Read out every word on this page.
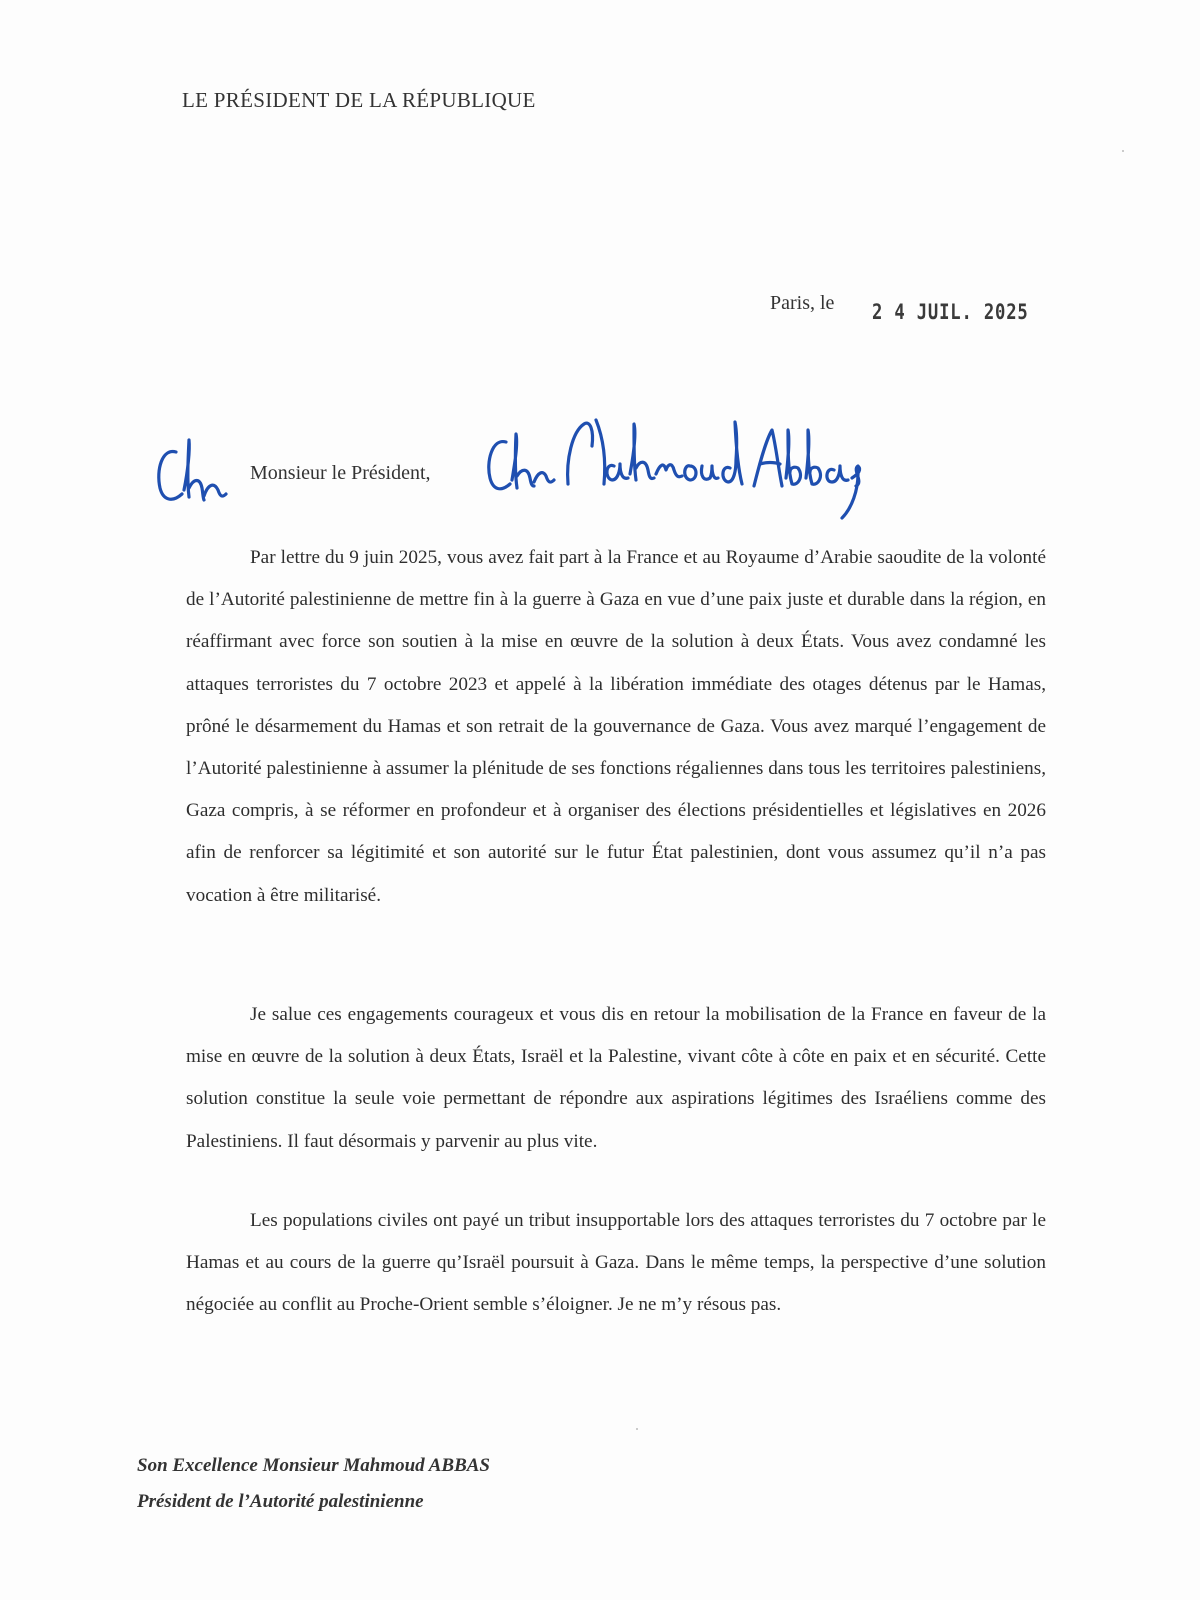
LE PRÉSIDENT DE LA RÉPUBLIQUE
Paris, le 2 4 JUIL. 2025
Monsieur le Président,

Par lettre du 9 juin 2025, vous avez fait part à la France et au Royaume d’Arabie saoudite de la volonté de l’Autorité palestinienne de mettre fin à la guerre à Gaza en vue d’une paix juste et durable dans la région, en réaffirmant avec force son soutien à la mise en œuvre de la solution à deux États. Vous avez condamné les attaques terroristes du 7 octobre 2023 et appelé à la libération immédiate des otages détenus par le Hamas, prôné le désarmement du Hamas et son retrait de la gouvernance de Gaza. Vous avez marqué l’engagement de l’Autorité palestinienne à assumer la plénitude de ses fonctions régaliennes dans tous les territoires palestiniens, Gaza compris, à se réformer en profondeur et à organiser des élections présidentielles et législatives en 2026 afin de renforcer sa légitimité et son autorité sur le futur État palestinien, dont vous assumez qu’il n’a pas vocation à être militarisé.

Je salue ces engagements courageux et vous dis en retour la mobilisation de la France en faveur de la mise en œuvre de la solution à deux États, Israël et la Palestine, vivant côte à côte en paix et en sécurité. Cette solution constitue la seule voie permettant de répondre aux aspirations légitimes des Israéliens comme des Palestiniens. Il faut désormais y parvenir au plus vite.

Les populations civiles ont payé un tribut insupportable lors des attaques terroristes du 7 octobre par le Hamas et au cours de la guerre qu’Israël poursuit à Gaza. Dans le même temps, la perspective d’une solution négociée au conflit au Proche-Orient semble s’éloigner. Je ne m’y résous pas.

Son Excellence Monsieur Mahmoud ABBAS
Président de l’Autorité palestinienne
